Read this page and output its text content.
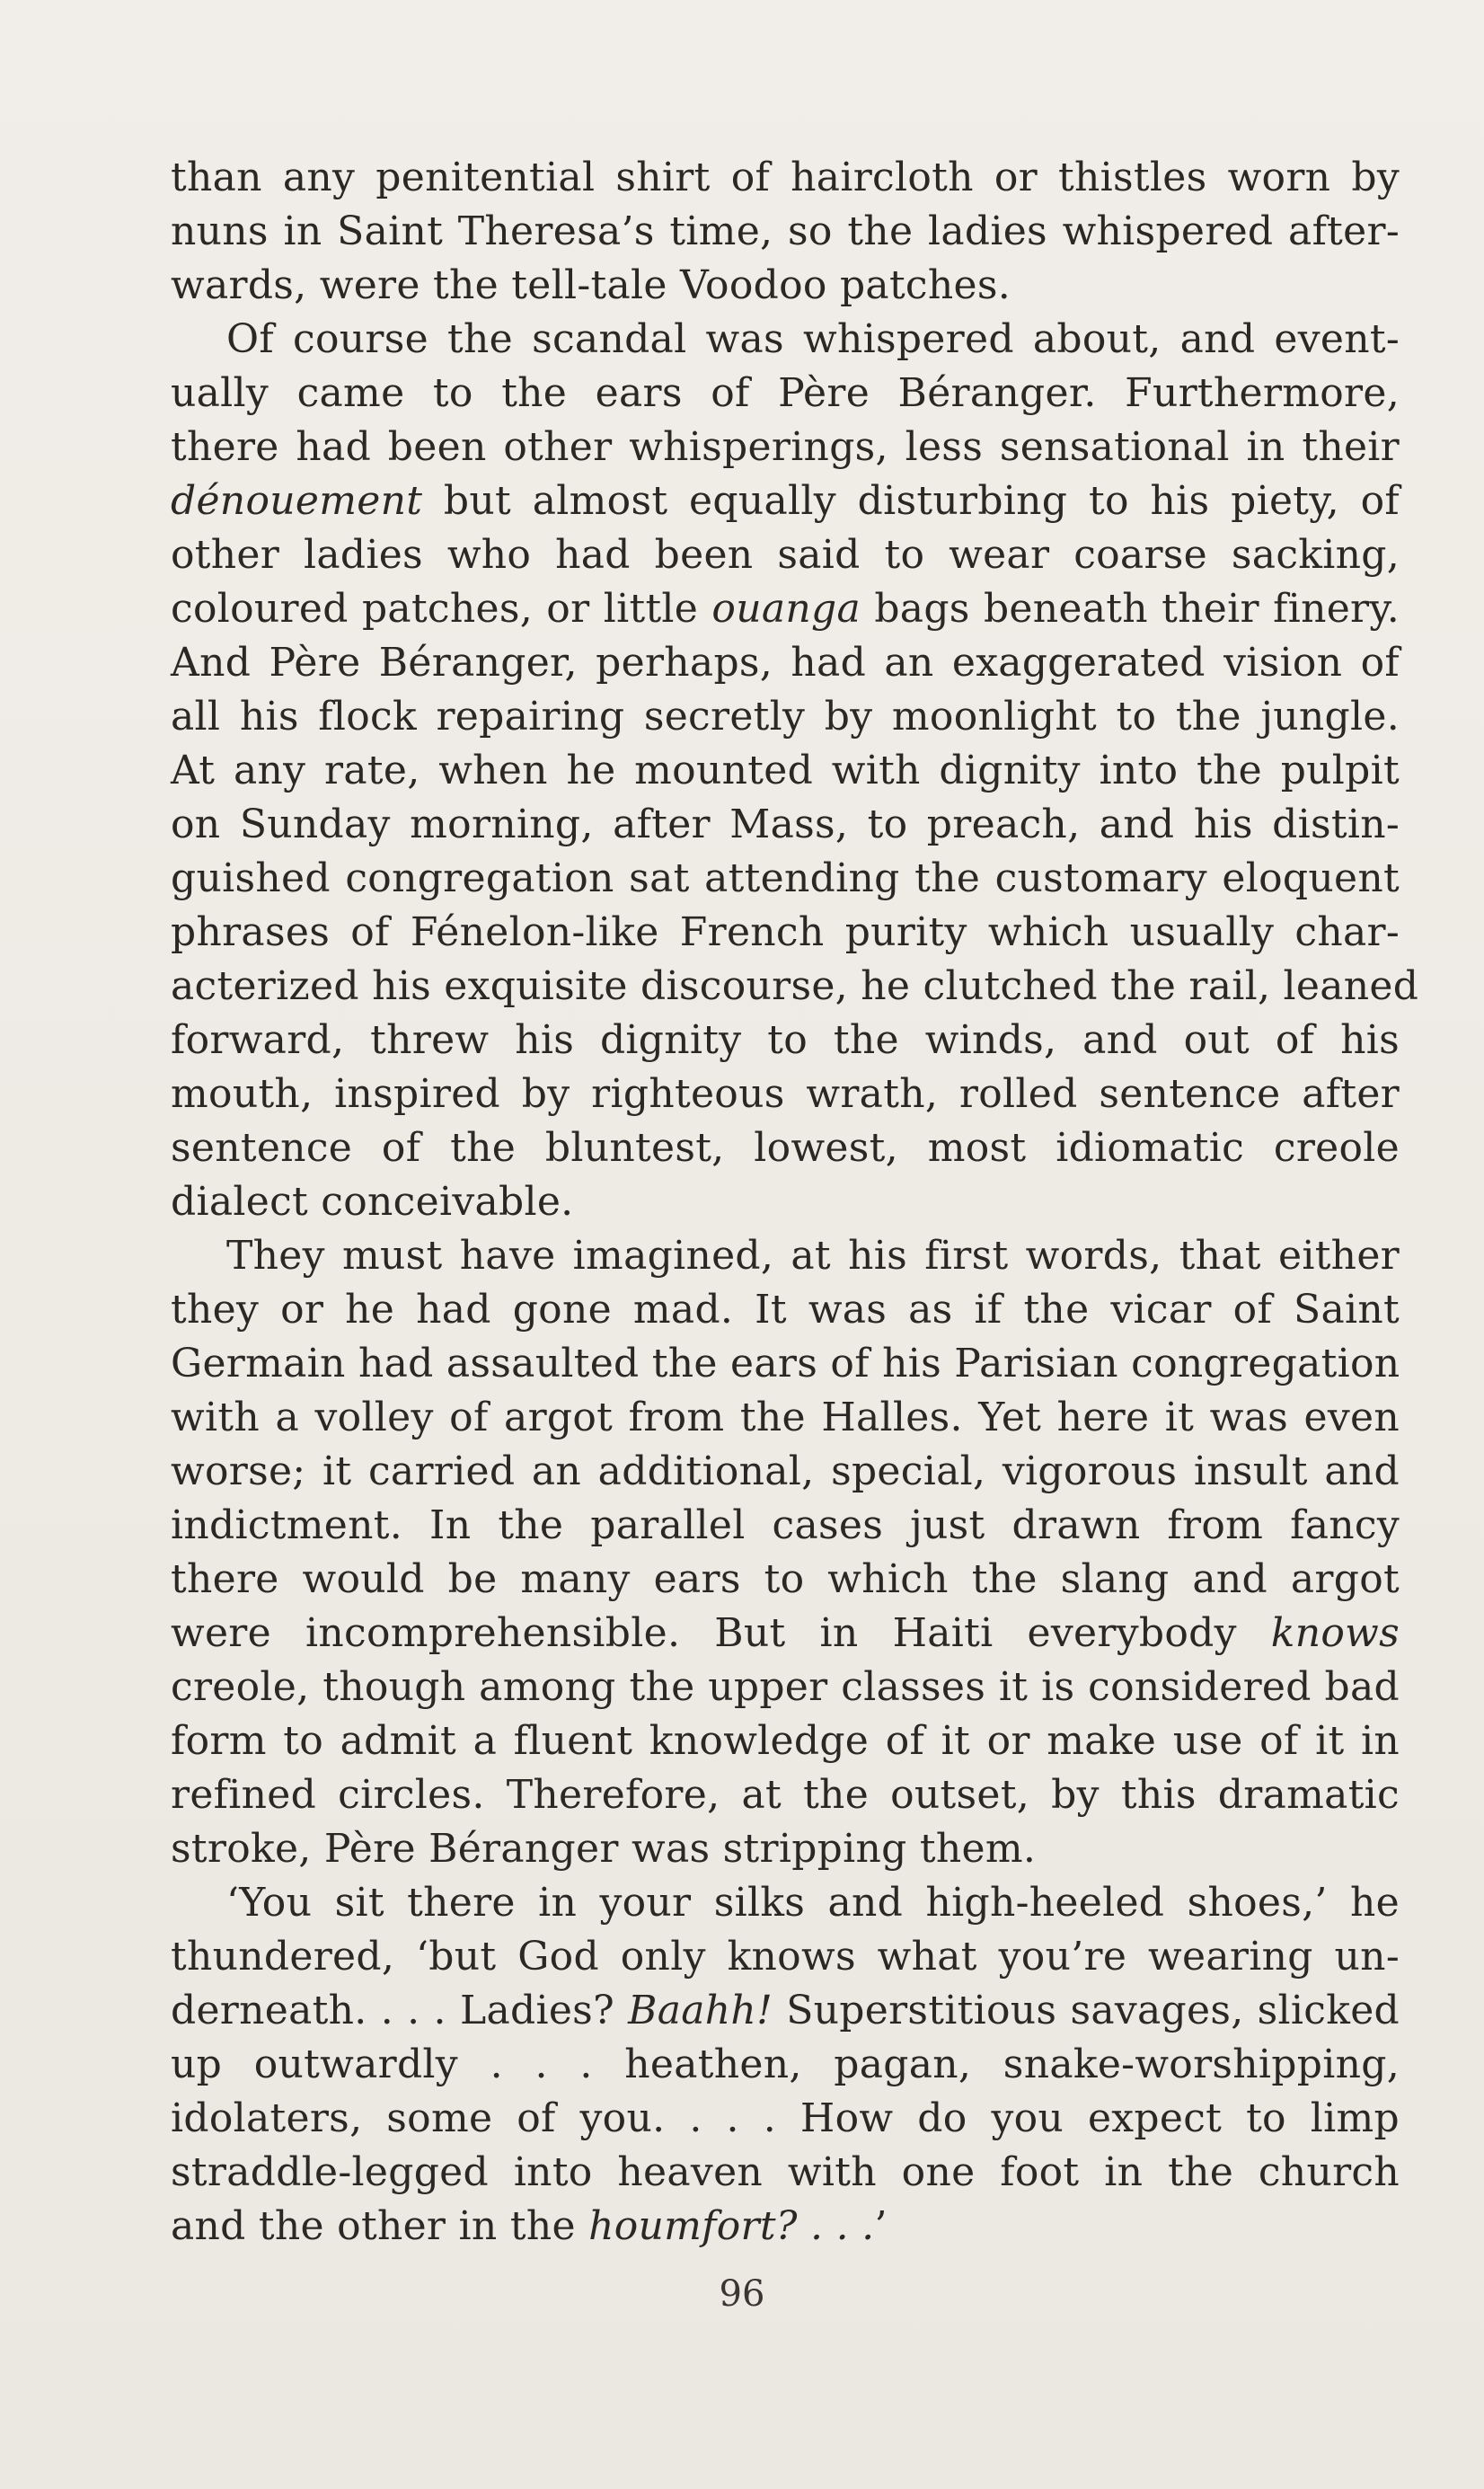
than any penitential shirt of haircloth or thistles worn by
nuns in Saint Theresa’s time, so the ladies whispered after-
wards, were the tell-tale Voodoo patches.
Of course the scandal was whispered about, and event-
ually came to the ears of Père Béranger. Furthermore,
there had been other whisperings, less sensational in their
dénouement but almost equally disturbing to his piety, of
other ladies who had been said to wear coarse sacking,
coloured patches, or little ouanga bags beneath their finery.
And Père Béranger, perhaps, had an exaggerated vision of
all his flock repairing secretly by moonlight to the jungle.
At any rate, when he mounted with dignity into the pulpit
on Sunday morning, after Mass, to preach, and his distin-
guished congregation sat attending the customary eloquent
phrases of Fénelon-like French purity which usually char-
acterized his exquisite discourse, he clutched the rail, leaned
forward, threw his dignity to the winds, and out of his
mouth, inspired by righteous wrath, rolled sentence after
sentence of the bluntest, lowest, most idiomatic creole
dialect conceivable.
They must have imagined, at his first words, that either
they or he had gone mad. It was as if the vicar of Saint
Germain had assaulted the ears of his Parisian congregation
with a volley of argot from the Halles. Yet here it was even
worse; it carried an additional, special, vigorous insult and
indictment. In the parallel cases just drawn from fancy
there would be many ears to which the slang and argot
were incomprehensible. But in Haiti everybody knows
creole, though among the upper classes it is considered bad
form to admit a fluent knowledge of it or make use of it in
refined circles. Therefore, at the outset, by this dramatic
stroke, Père Béranger was stripping them.
‘You sit there in your silks and high-heeled shoes,’ he
thundered, ‘but God only knows what you’re wearing un-
derneath. . . . Ladies? Baahh! Superstitious savages, slicked
up outwardly . . . heathen, pagan, snake-worshipping,
idolaters, some of you. . . . How do you expect to limp
straddle-legged into heaven with one foot in the church
and the other in the houmfort? . . .’
96
